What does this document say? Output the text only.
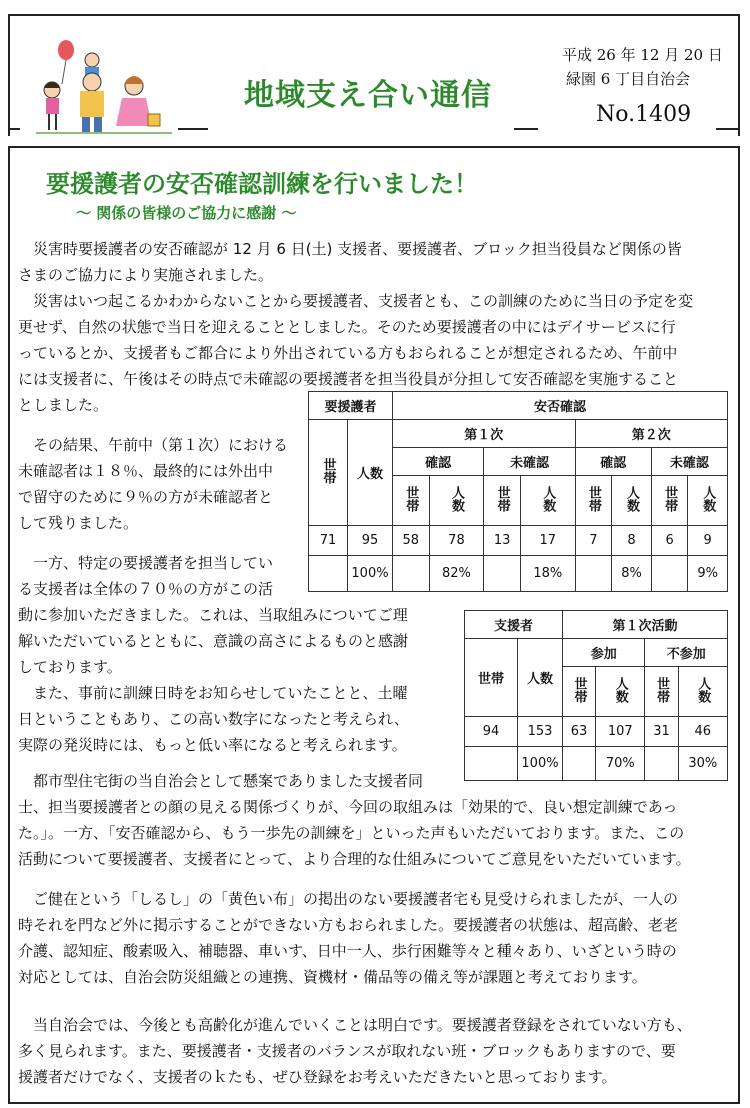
地域支え合い通信
平成 26 年 12 月 20 日
緑園 6 丁目自治会
No.1409
要援護者の安否確認訓練を行いました！
～ 関係の皆様のご協力に感謝 ～
　災害時要援護者の安否確認が 12 月 6 日(土) 支援者、要援護者、ブロック担当役員など関係の皆
さまのご協力により実施されました。
　災害はいつ起こるかわからないことから要援護者、支援者とも、この訓練のために当日の予定を変
更せず、自然の状態で当日を迎えることとしました。そのため要援護者の中にはデイサービスに行
っているとか、支援者もご都合により外出されている方もおられることが想定されるため、午前中
には支援者に、午後はその時点で未確認の要援護者を担当役員が分担して安否確認を実施すること
としました。
　その結果、午前中（第１次）における
未確認者は１８％、最終的には外出中
で留守のために９％の方が未確認者と
して残りました。
　一方、特定の要援護者を担当してい
る支援者は全体の７０％の方がこの活
動に参加いただきました。これは、当取組みについてご理
解いただいているとともに、意識の高さによるものと感謝
しております。
　また、事前に訓練日時をお知らせしていたことと、土曜
日ということもあり、この高い数字になったと考えられ、
実際の発災時には、もっと低い率になると考えられます。
　都市型住宅街の当自治会として懸案でありました支援者同
士、担当要援護者との顔の見える関係づくりが、今回の取組みは「効果的で、良い想定訓練であっ
た。｣。一方、｢安否確認から、もう一歩先の訓練を」といった声もいただいております。また、この
活動について要援護者、支援者にとって、より合理的な仕組みについてご意見をいただいています。
　ご健在という「しるし」の「黄色い布」の掲出のない要援護者宅も見受けられましたが、一人の
時それを門など外に掲示することができない方もおられました。要援護者の状態は、超高齢、老老
介護、認知症、酸素吸入、補聴器、車いす、日中一人、歩行困難等々と種々あり、いざという時の
対応としては、自治会防災組織との連携、資機材・備品等の備え等が課題と考えております。
　当自治会では、今後とも高齢化が進んでいくことは明白です。要援護者登録をされていない方も、
多く見られます。また、要援護者・支援者のバランスが取れない班・ブロックもありますので、要
援護者だけでなく、支援者のｋたも、ぜひ登録をお考えいただきたいと思っております。
要援護者		安否確認							
世帯	人数	第１次				第２次			
		確認		未確認		確認		未確認	
		世帯	人数	世帯	人数	世帯	人数	世帯	人数
71	95	58	78	13	17	7	8	6	9
	100%		82%		18%		8%		9%
支援者		第１次活動			
世帯	人数	参加		不参加	
		世帯	人数	世帯	人数
94	153	63	107	31	46
	100%		70%		30%
